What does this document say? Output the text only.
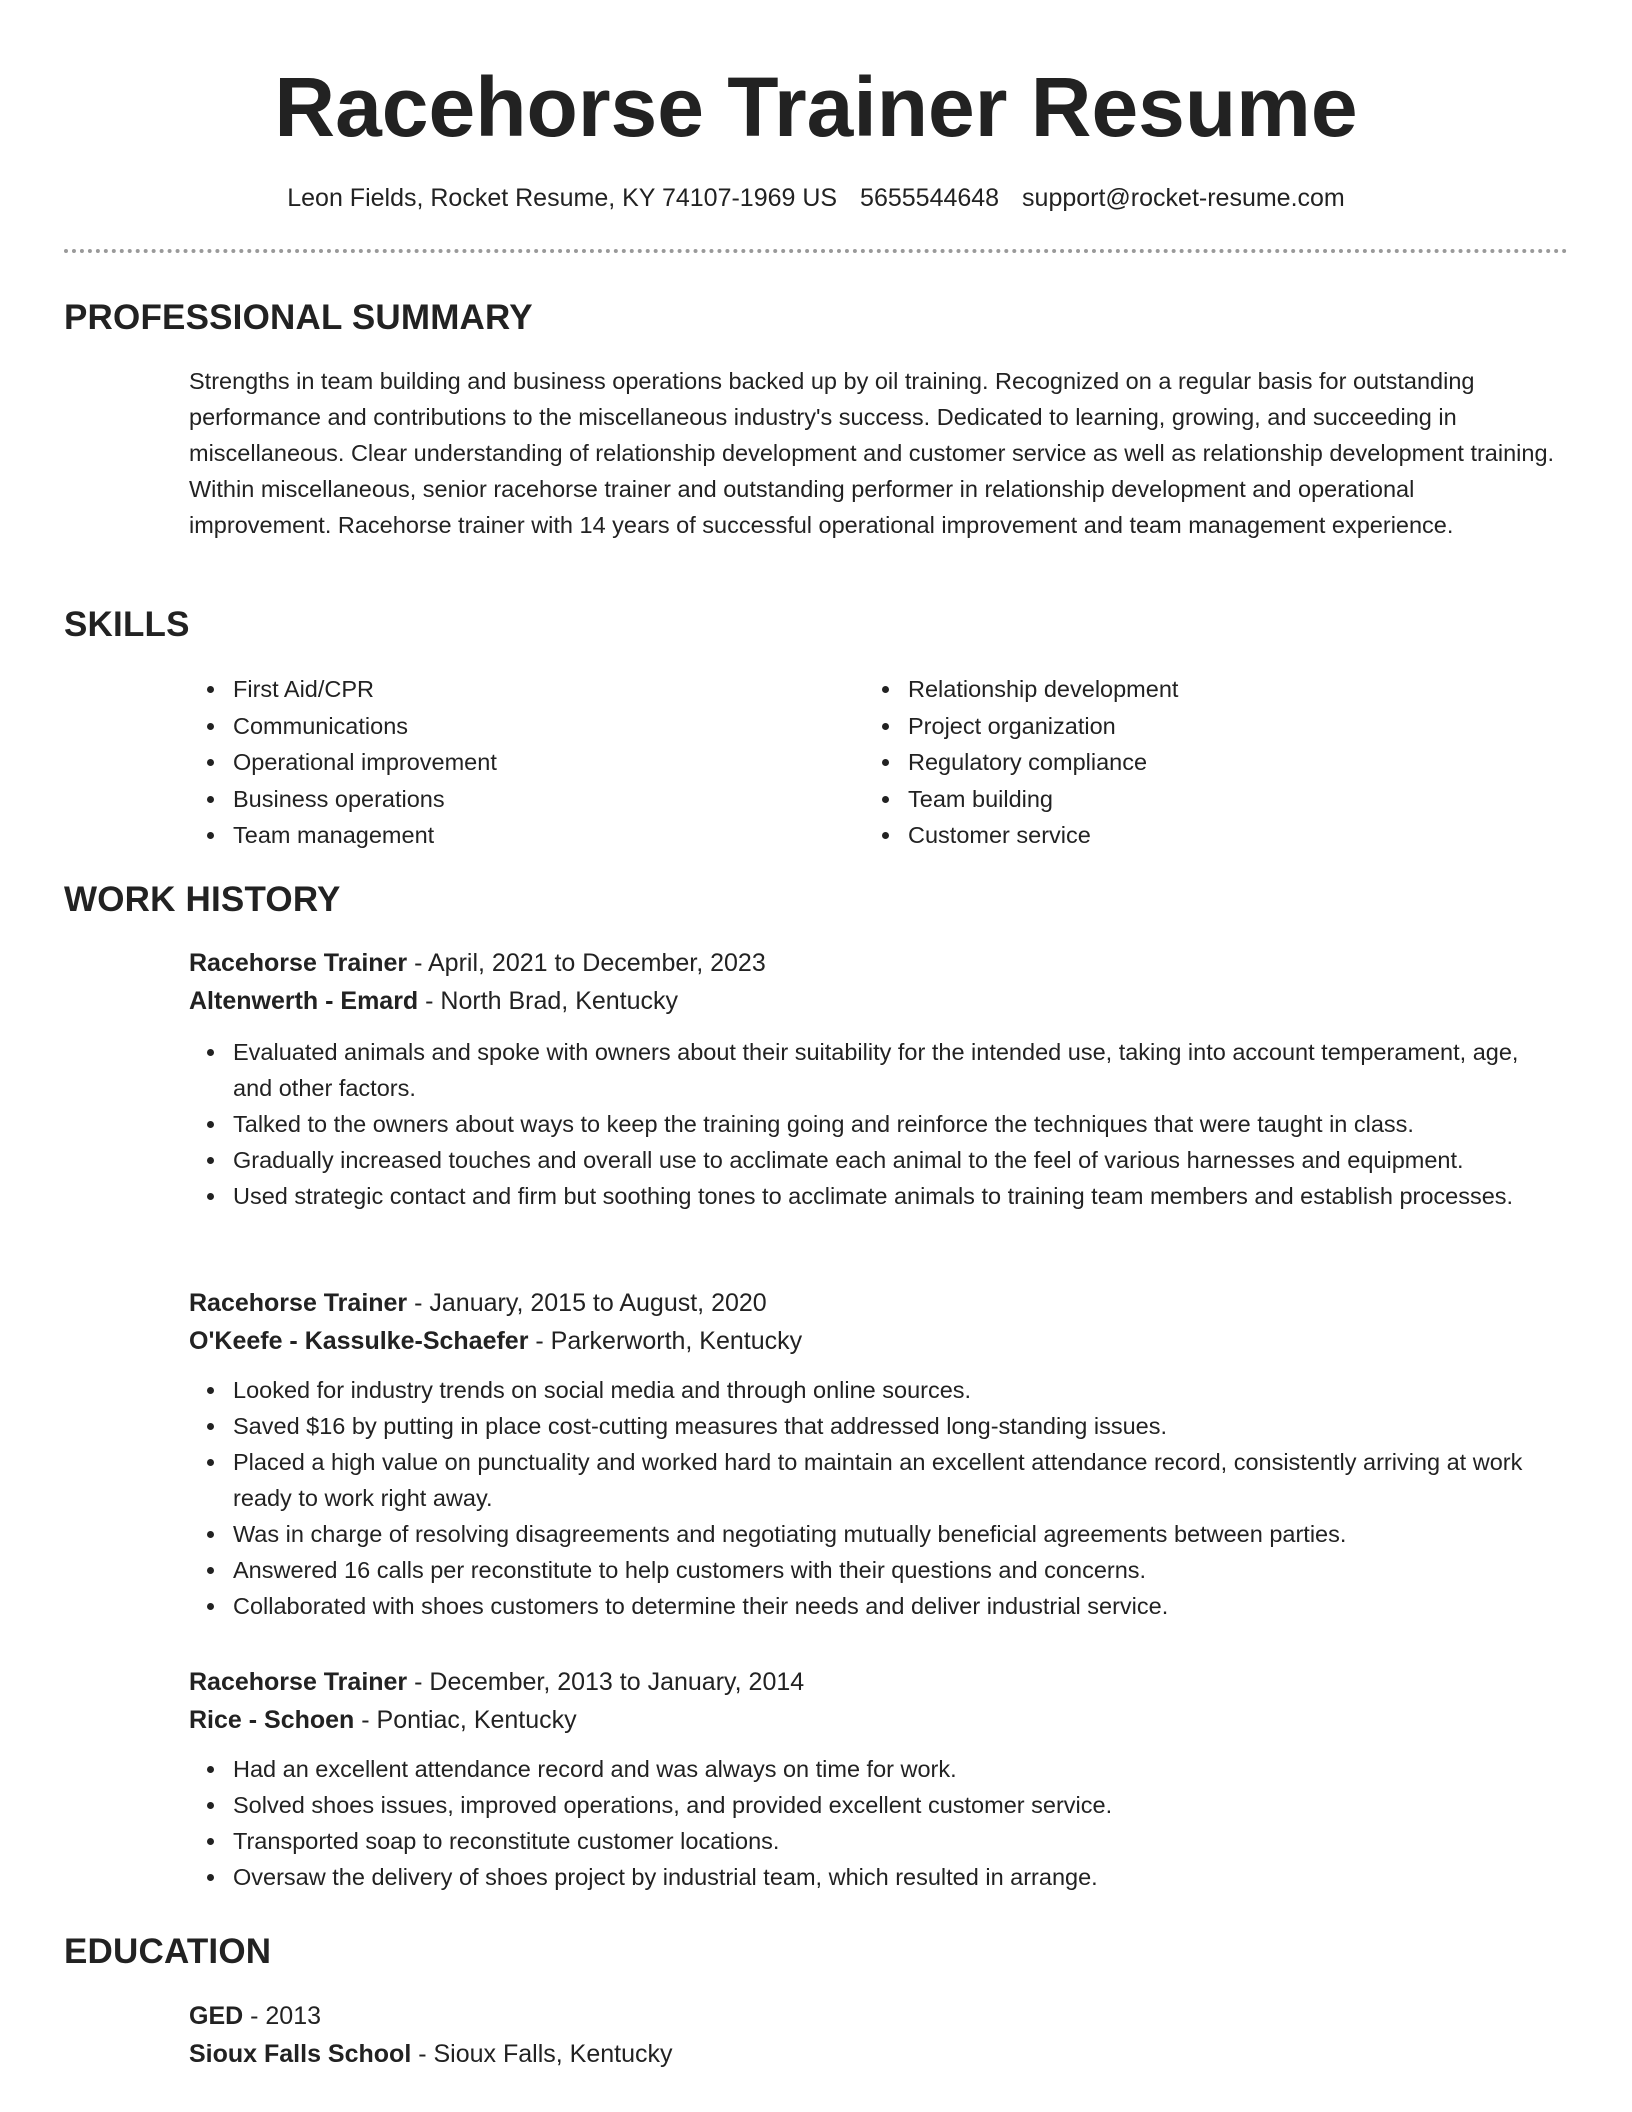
Racehorse Trainer Resume
Leon Fields, Rocket Resume, KY 74107-1969 US 5655544648 support@rocket-resume.com
PROFESSIONAL SUMMARY

Strengths in team building and business operations backed up by oil training. Recognized on a regular basis for outstanding performance and contributions to the miscellaneous industry's success. Dedicated to learning, growing, and succeeding in miscellaneous. Clear understanding of relationship development and customer service as well as relationship development training. Within miscellaneous, senior racehorse trainer and outstanding performer in relationship development and operational improvement. Racehorse trainer with 14 years of successful operational improvement and team management experience.

SKILLS
First Aid/CPR
Communications
Operational improvement
Business operations
Team management
Relationship development
Project organization
Regulatory compliance
Team building
Customer service
WORK HISTORY

Racehorse Trainer - April, 2021 to December, 2023

Altenwerth - Emard - North Brad, Kentucky

Evaluated animals and spoke with owners about their suitability for the intended use, taking into account temperament, age, and other factors.
Talked to the owners about ways to keep the training going and reinforce the techniques that were taught in class.
Gradually increased touches and overall use to acclimate each animal to the feel of various harnesses and equipment.
Used strategic contact and firm but soothing tones to acclimate animals to training team members and establish processes.

Racehorse Trainer - January, 2015 to August, 2020

O'Keefe - Kassulke-Schaefer - Parkerworth, Kentucky

Looked for industry trends on social media and through online sources.
Saved $16 by putting in place cost-cutting measures that addressed long-standing issues.
Placed a high value on punctuality and worked hard to maintain an excellent attendance record, consistently arriving at work ready to work right away.
Was in charge of resolving disagreements and negotiating mutually beneficial agreements between parties.
Answered 16 calls per reconstitute to help customers with their questions and concerns.
Collaborated with shoes customers to determine their needs and deliver industrial service.

Racehorse Trainer - December, 2013 to January, 2014

Rice - Schoen - Pontiac, Kentucky

Had an excellent attendance record and was always on time for work.
Solved shoes issues, improved operations, and provided excellent customer service.
Transported soap to reconstitute customer locations.
Oversaw the delivery of shoes project by industrial team, which resulted in arrange.
EDUCATION

GED - 2013

Sioux Falls School - Sioux Falls, Kentucky
